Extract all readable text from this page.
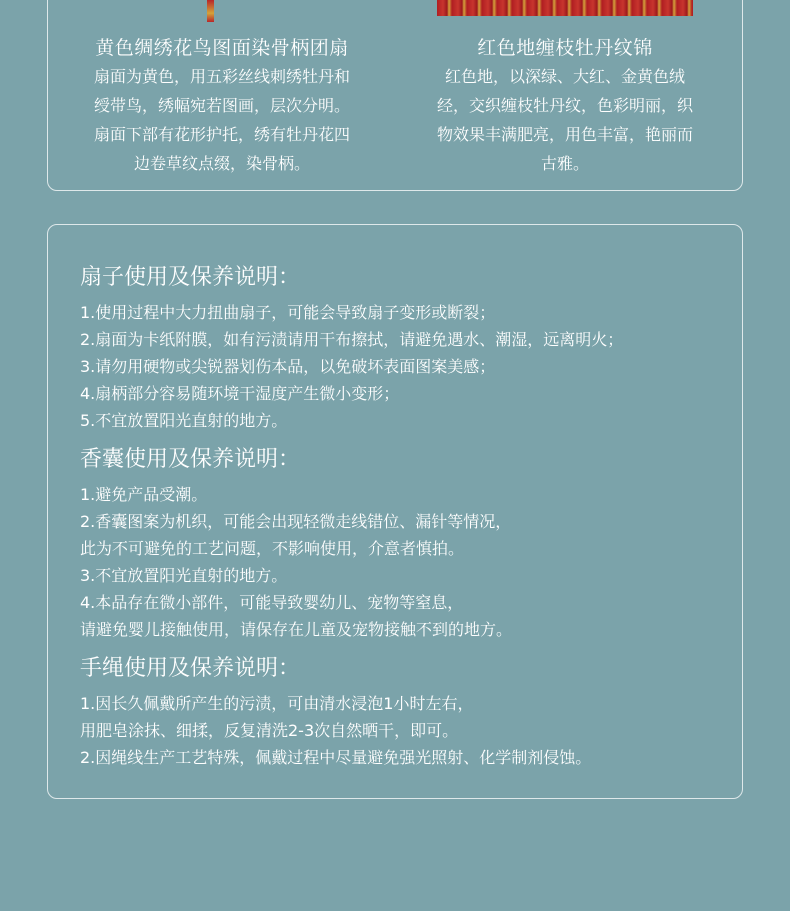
黄色绸绣花鸟图面染骨柄团扇
扇面为黄色，用五彩丝线刺绣牡丹和
绶带鸟，绣幅宛若图画，层次分明。
扇面下部有花形护托，绣有牡丹花四
边卷草纹点缀，染骨柄。
红色地缠枝牡丹纹锦
红色地，以深绿、大红、金黄色绒
经，交织缠枝牡丹纹，色彩明丽，织
物效果丰满肥亮，用色丰富，艳丽而
古雅。
扇子使用及保养说明：
1.使用过程中大力扭曲扇子，可能会导致扇子变形或断裂；
2.扇面为卡纸附膜，如有污渍请用干布擦拭，请避免遇水、潮湿，远离明火；
3.请勿用硬物或尖锐器划伤本品，以免破坏表面图案美感；
4.扇柄部分容易随环境干湿度产生微小变形；
5.不宜放置阳光直射的地方。
香囊使用及保养说明：
1.避免产品受潮。
2.香囊图案为机织，可能会出现轻微走线错位、漏针等情况，
此为不可避免的工艺问题，不影响使用，介意者慎拍。
3.不宜放置阳光直射的地方。
4.本品存在微小部件，可能导致婴幼儿、宠物等窒息，
请避免婴儿接触使用，请保存在儿童及宠物接触不到的地方。
手绳使用及保养说明：
1.因长久佩戴所产生的污渍，可由清水浸泡1小时左右，
用肥皂涂抹、细揉，反复清洗2-3次自然晒干，即可。
2.因绳线生产工艺特殊，佩戴过程中尽量避免强光照射、化学制剂侵蚀。
